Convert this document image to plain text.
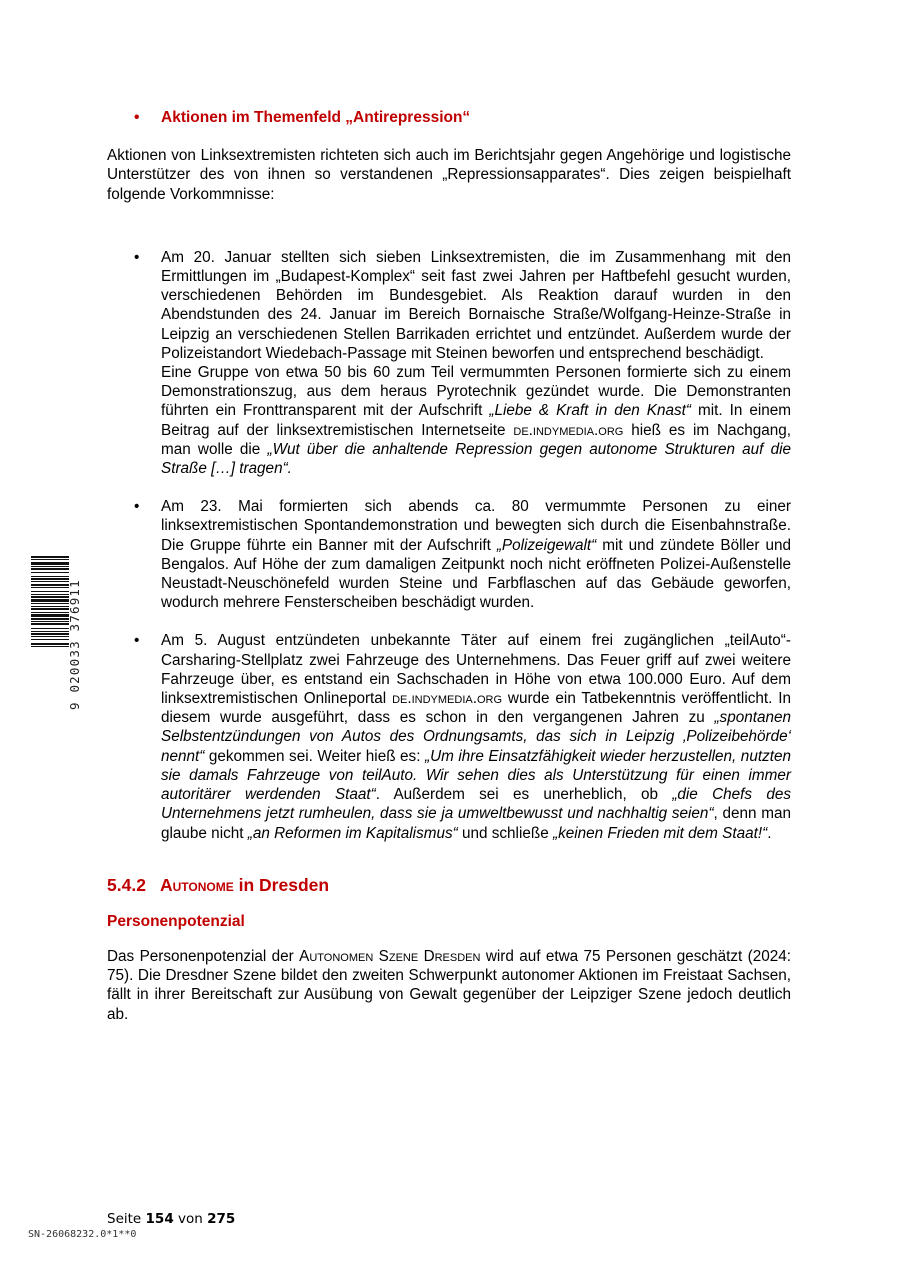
9 020033 376911
• Aktionen im Themenfeld „Antirepression“

Aktionen von Linksextremisten richteten sich auch im Berichtsjahr gegen Angehörige und logistische Unterstützer des von ihnen so verstandenen „Repressionsapparates“. Dies zeigen beispielhaft folgende Vorkommnisse:

• Am 20. Januar stellten sich sieben Linksextremisten, die im Zusammenhang mit den Ermittlungen im „Budapest-Komplex“ seit fast zwei Jahren per Haftbefehl gesucht wurden, verschiedenen Behörden im Bundesgebiet. Als Reaktion darauf wurden in den Abendstunden des 24. Januar im Bereich Bornaische Straße/Wolfgang-Heinze-Straße in Leipzig an verschiedenen Stellen Barrikaden errichtet und entzündet. Außerdem wurde der Polizeistandort Wiedebach-Passage mit Steinen beworfen und entsprechend beschädigt.
Eine Gruppe von etwa 50 bis 60 zum Teil vermummten Personen formierte sich zu einem Demonstrationszug, aus dem heraus Pyrotechnik gezündet wurde. Die Demonstranten führten ein Fronttransparent mit der Aufschrift „Liebe & Kraft in den Knast“ mit. In einem Beitrag auf der linksextremistischen Internetseite de.indymedia.org hieß es im Nachgang, man wolle die „Wut über die anhaltende Repression gegen autonome Strukturen auf die Straße […] tragen“.
• Am 23. Mai formierten sich abends ca. 80 vermummte Personen zu einer linksextremistischen Spontandemonstration und bewegten sich durch die Eisenbahnstraße. Die Gruppe führte ein Banner mit der Aufschrift „Polizeigewalt“ mit und zündete Böller und Bengalos. Auf Höhe der zum damaligen Zeitpunkt noch nicht eröffneten Polizei-Außenstelle Neustadt-Neuschönefeld wurden Steine und Farbflaschen auf das Gebäude geworfen, wodurch mehrere Fensterscheiben beschädigt wurden.
• Am 5. August entzündeten unbekannte Täter auf einem frei zugänglichen „teilAuto“-Carsharing-Stellplatz zwei Fahrzeuge des Unternehmens. Das Feuer griff auf zwei weitere Fahrzeuge über, es entstand ein Sachschaden in Höhe von etwa 100.000 Euro. Auf dem linksextremistischen Onlineportal de.indymedia.org wurde ein Tatbekenntnis veröffentlicht. In diesem wurde ausgeführt, dass es schon in den vergangenen Jahren zu „spontanen Selbstentzündungen von Autos des Ordnungsamts, das sich in Leipzig ‚Polizeibehörde‘ nennt“ gekommen sei. Weiter hieß es: „Um ihre Einsatzfähigkeit wieder herzustellen, nutzten sie damals Fahrzeuge von teilAuto. Wir sehen dies als Unterstützung für einen immer autoritärer werdenden Staat“. Außerdem sei es unerheblich, ob „die Chefs des Unternehmens jetzt rumheulen, dass sie ja umweltbewusst und nachhaltig seien“, denn man glaube nicht „an Reformen im Kapitalismus“ und schließe „keinen Frieden mit dem Staat!“.
5.4.2 Autonome in Dresden
Personenpotenzial

Das Personenpotenzial der Autonomen Szene Dresden wird auf etwa 75 Personen geschätzt (2024: 75). Die Dresdner Szene bildet den zweiten Schwerpunkt autonomer Aktionen im Freistaat Sachsen, fällt in ihrer Bereitschaft zur Ausübung von Gewalt gegenüber der Leipziger Szene jedoch deutlich ab.

Seite 154 von 275
SN-26068232.0*1**0
